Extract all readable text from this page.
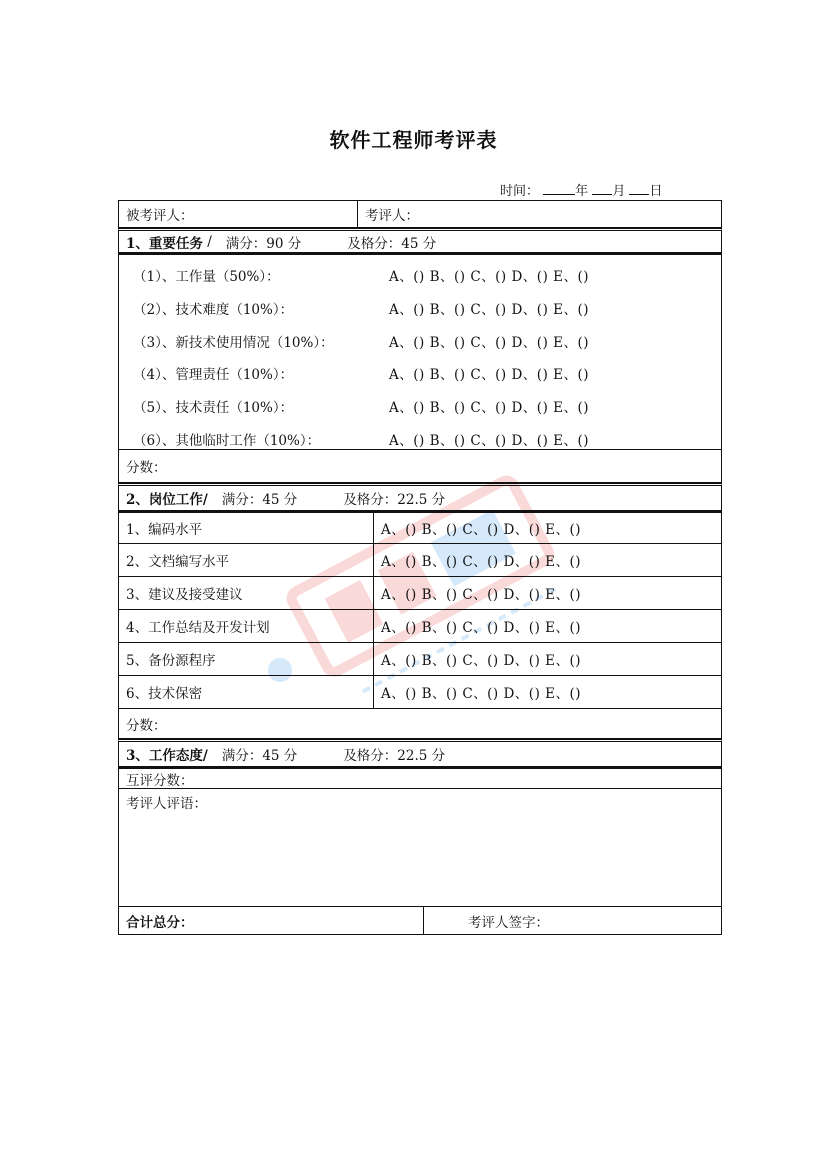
软件工程师考评表
时间：	年 月 日
被考评人：	考评人：
1、重要任务
/ 满分：90 分	及格分：45 分
（1）、工作量（50%）：	A、() B、() C、() D、() E、()
（2）、技术难度（10%）：	A、() B、() C、() D、() E、()
（3）、新技术使用情况（10%）：	A、() B、() C、() D、() E、()
（4）、管理责任（10%）：	A、() B、() C、() D、() E、()
（5）、技术责任（10%）：	A、() B、() C、() D、() E、()
（6）、其他临时工作（10%）：	A、() B、() C、() D、() E、()
分数：
2、岗位工作/ 满分：45 分	及格分：22.5 分
1、编码水平	A、() B、() C、() D、() E、()
2、文档编写水平	A、() B、() C、() D、() E、()
3、建议及接受建议	A、() B、() C、() D、() E、()
4、工作总结及开发计划	A、() B、() C、() D、() E、()
5、备份源程序	A、() B、() C、() D、() E、()
6、技术保密	A、() B、() C、() D、() E、()
分数：
3、工作态度/ 满分：45 分	及格分：22.5 分
互评分数：
考评人评语：
合计总分：	考评人签字：
